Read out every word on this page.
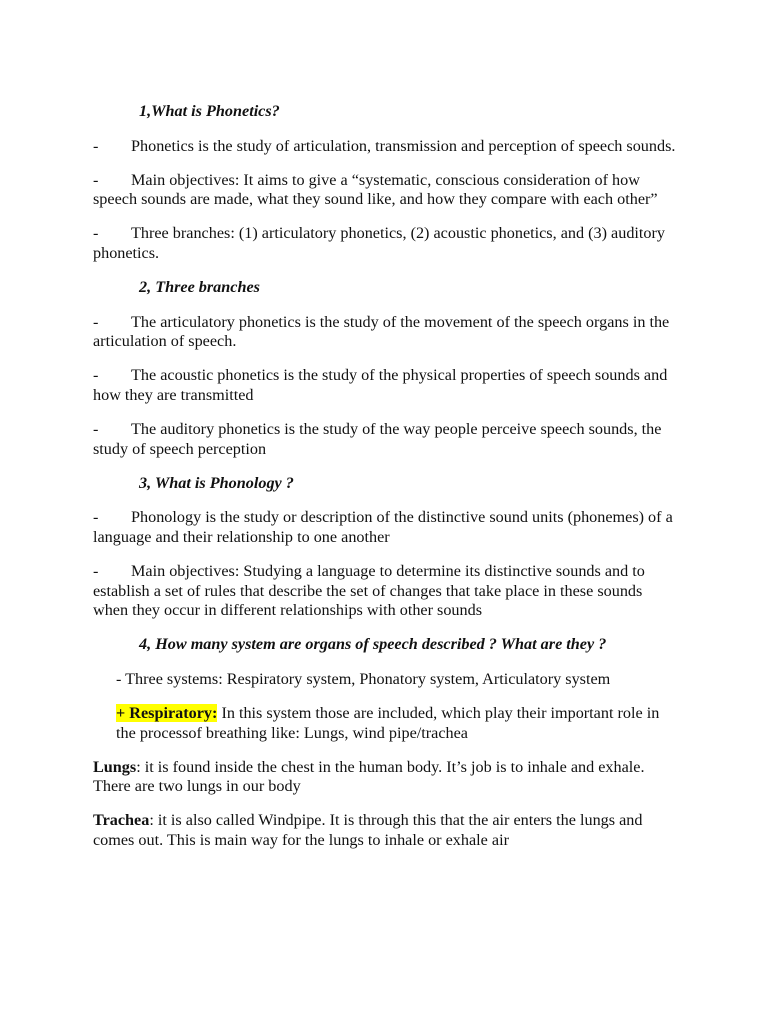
1,What is Phonetics?

- Phonetics is the study of articulation, transmission and perception of speech sounds.

- Main objectives: It aims to give a “systematic, conscious consideration of how speech sounds are made, what they sound like, and how they compare with each other”

- Three branches: (1) articulatory phonetics, (2) acoustic phonetics, and (3) auditory phonetics.

2, Three branches

- The articulatory phonetics is the study of the movement of the speech organs in the articulation of speech.

- The acoustic phonetics is the study of the physical properties of speech sounds and how they are transmitted

- The auditory phonetics is the study of the way people perceive speech sounds, the study of speech perception

3, What is Phonology ?

- Phonology is the study or description of the distinctive sound units (phonemes) of a language and their relationship to one another

- Main objectives: Studying a language to determine its distinctive sounds and to establish a set of rules that describe the set of changes that take place in these sounds when they occur in different relationships with other sounds

4, How many system are organs of speech described ? What are they ?

- Three systems: Respiratory system, Phonatory system, Articulatory system

+ Respiratory: In this system those are included, which play their important role in the processof breathing like: Lungs, wind pipe/trachea

Lungs: it is found inside the chest in the human body. It’s job is to inhale and exhale. There are two lungs in our body

Trachea: it is also called Windpipe. It is through this that the air enters the lungs and comes out. This is main way for the lungs to inhale or exhale air
